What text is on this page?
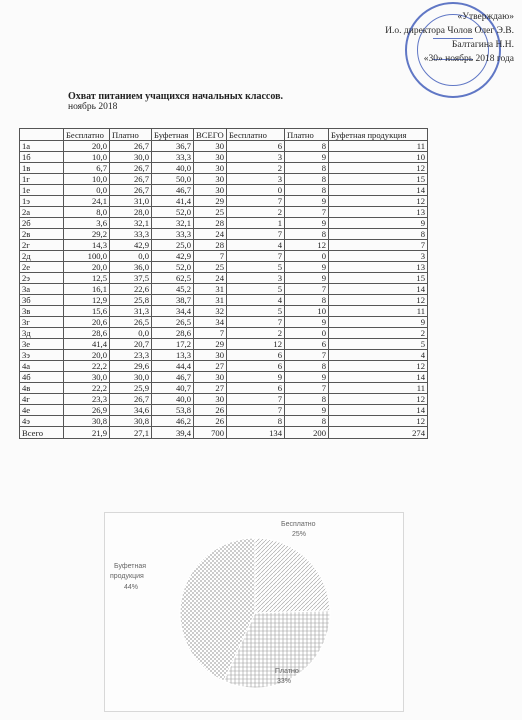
«Утверждаю»
И.о. директора Чолов Олег Э.В.
Балтагина Н.Н.
«30» ноябрь 2018 года
Охват питанием учащихся начальных классов.
ноябрь 2018
	Бесплатно	Платно	Буфетная	ВСЕГО	Бесплатно	Платно	Буфетная продукция
1а	20,0	26,7	36,7	30	6	8	11
1б	10,0	30,0	33,3	30	3	9	10
1в	6,7	26,7	40,0	30	2	8	12
1г	10,0	26,7	50,0	30	3	8	15
1е	0,0	26,7	46,7	30	0	8	14
1э	24,1	31,0	41,4	29	7	9	12
2а	8,0	28,0	52,0	25	2	7	13
2б	3,6	32,1	32,1	28	1	9	9
2в	29,2	33,3	33,3	24	7	8	8
2г	14,3	42,9	25,0	28	4	12	7
2д	100,0	0,0	42,9	7	7	0	3
2е	20,0	36,0	52,0	25	5	9	13
2э	12,5	37,5	62,5	24	3	9	15
3а	16,1	22,6	45,2	31	5	7	14
3б	12,9	25,8	38,7	31	4	8	12
3в	15,6	31,3	34,4	32	5	10	11
3г	20,6	26,5	26,5	34	7	9	9
3д	28,6	0,0	28,6	7	2	0	2
3е	41,4	20,7	17,2	29	12	6	5
3э	20,0	23,3	13,3	30	6	7	4
4а	22,2	29,6	44,4	27	6	8	12
4б	30,0	30,0	46,7	30	9	9	14
4в	22,2	25,9	40,7	27	6	7	11
4г	23,3	26,7	40,0	30	7	8	12
4е	26,9	34,6	53,8	26	7	9	14
4э	30,8	30,8	46,2	26	8	8	12
Всего	21,9	27,1	39,4	700	134	200	274
Бесплатно
25%
Платно
33%
Буфетная
продукция
44%
